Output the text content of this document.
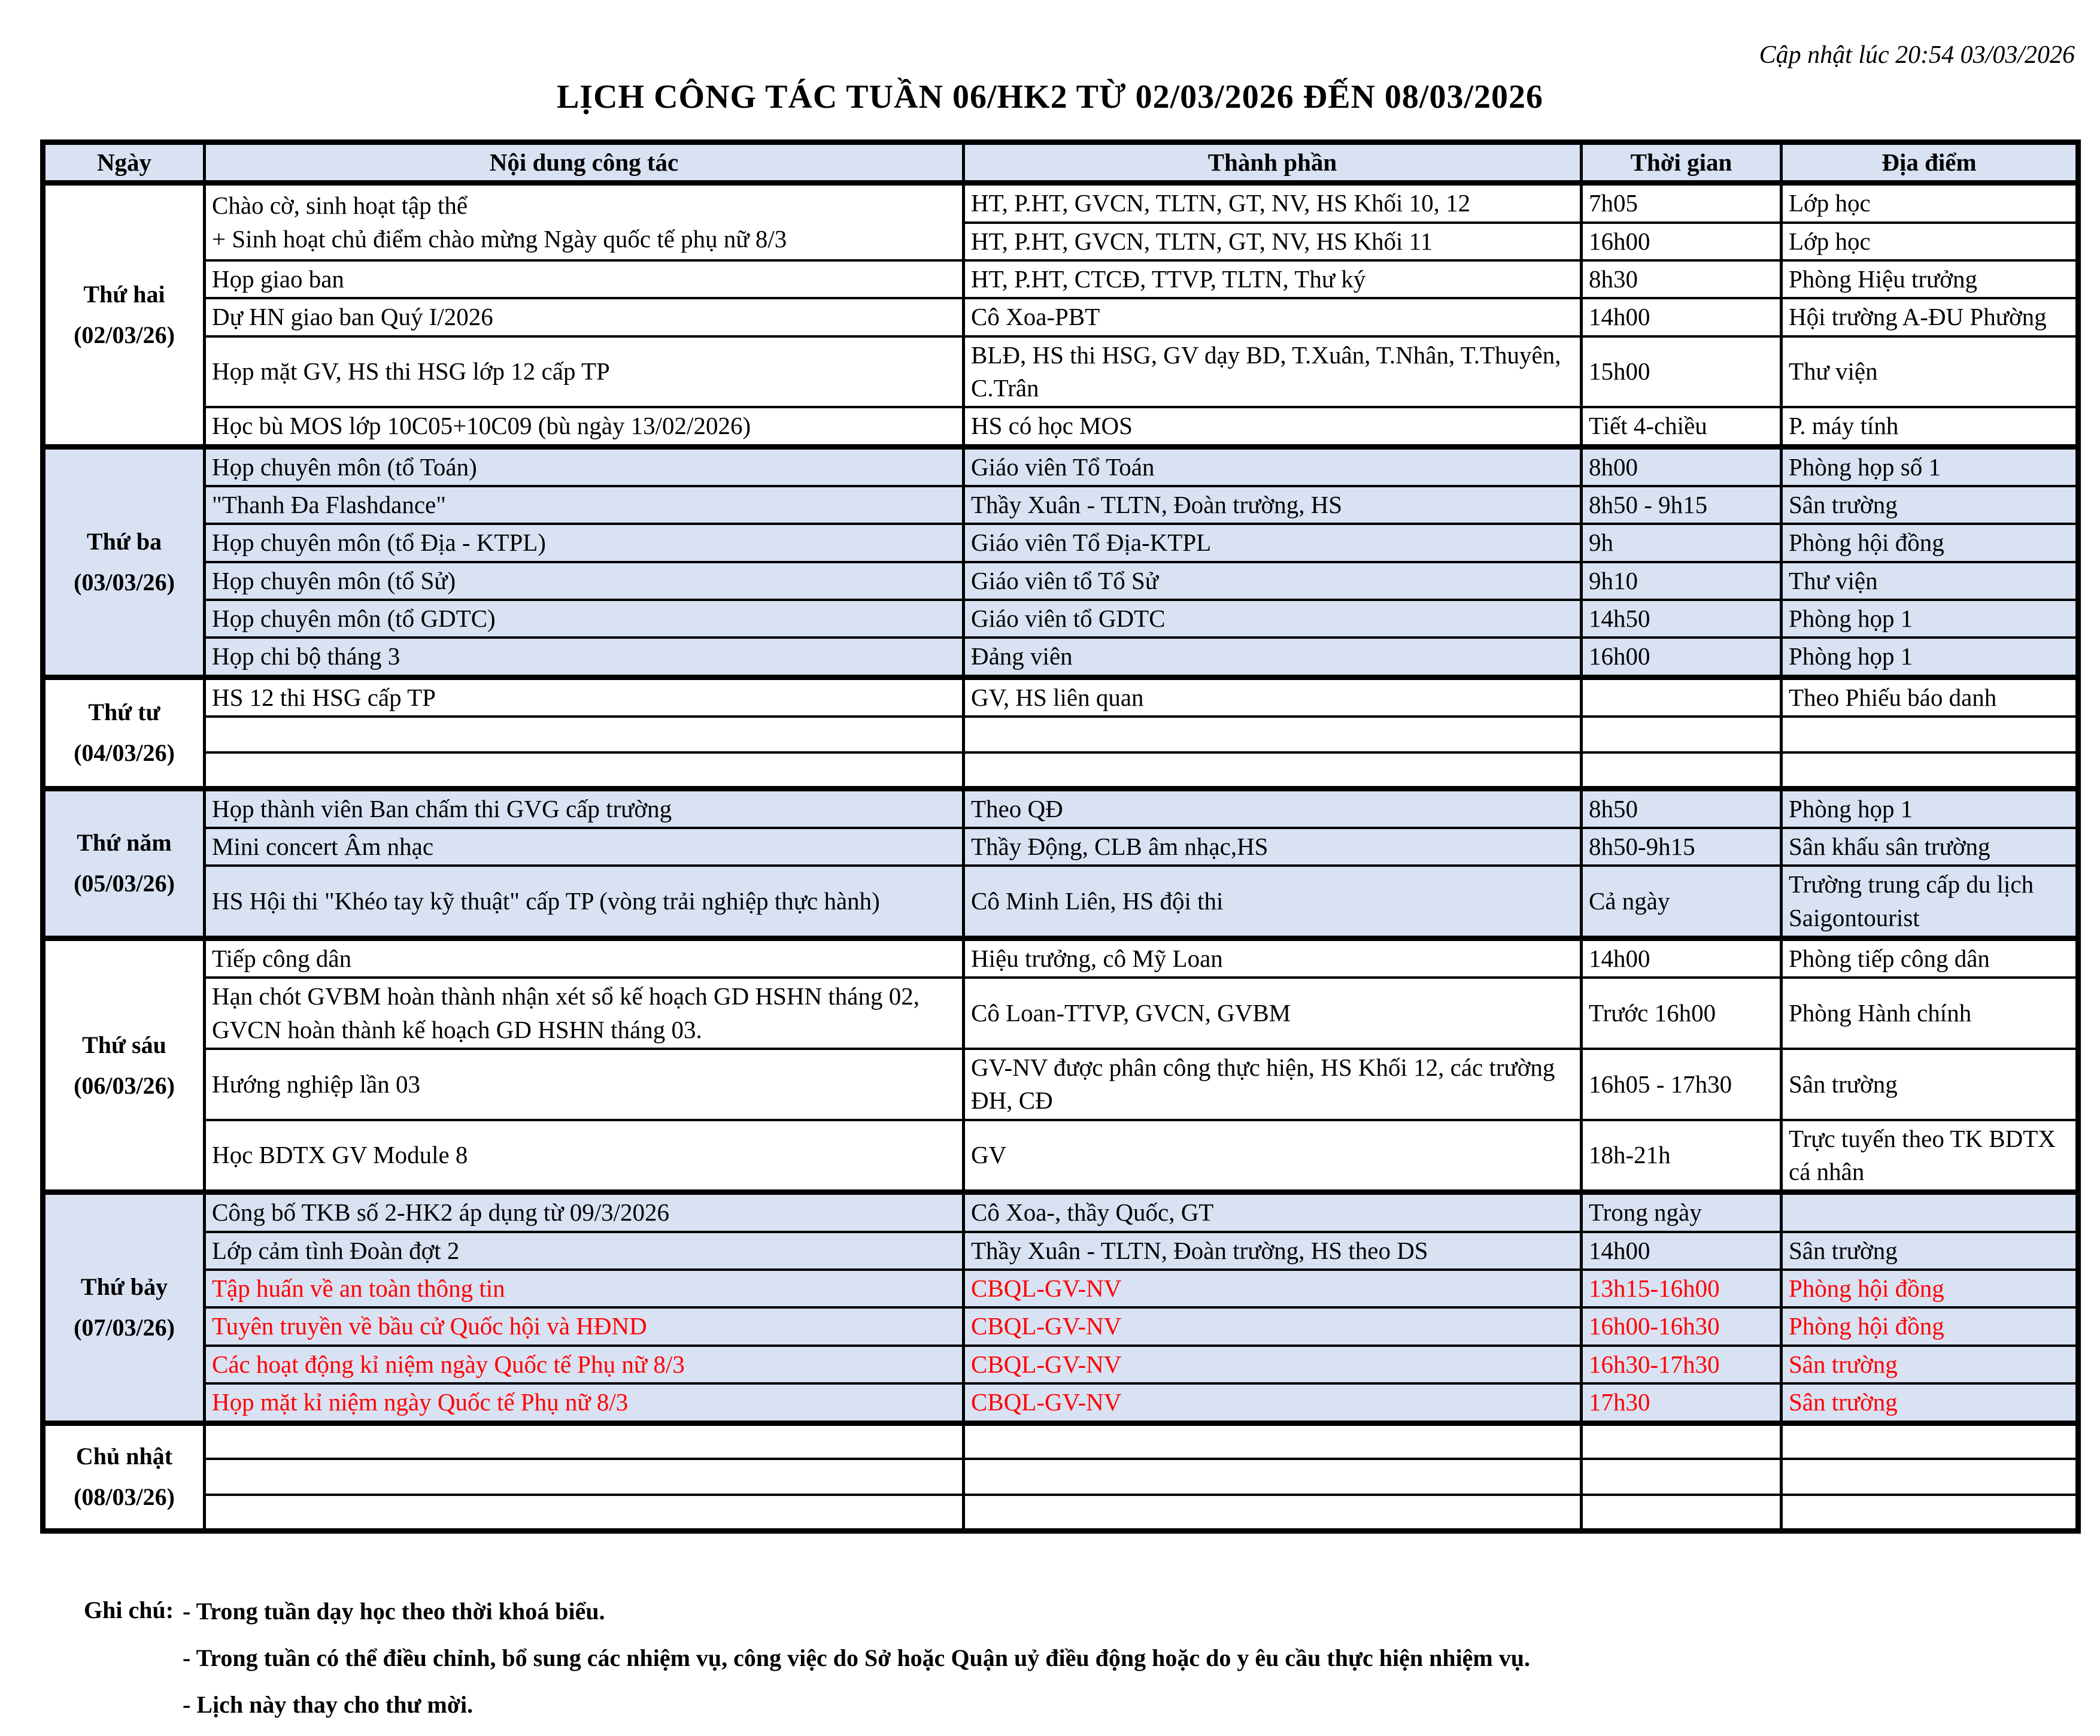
Cập nhật lúc 20:54 03/03/2026
LỊCH CÔNG TÁC TUẦN 06/HK2 TỪ 02/03/2026 ĐẾN 08/03/2026
Ngày	Nội dung công tác	Thành phần	Thời gian	Địa điểm

Thứ hai
(02/03/26)

Chào cờ, sinh hoạt tập thể
+ Sinh hoạt chủ điểm chào mừng Ngày quốc tế phụ nữ 8/3
	HT, P.HT, GVCN, TLTN, GT, NV, HS Khối 10, 12	7h05	Lớp học
		HT, P.HT, GVCN, TLTN, GT, NV, HS Khối 11	16h00	Lớp học

	Họp giao ban	HT, P.HT, CTCĐ, TTVP, TLTN, Thư ký	8h30	Phòng Hiệu trưởng

	Dự HN giao ban Quý I/2026	Cô Xoa-PBT	14h00	Hội trường A-ĐU Phường

	Họp mặt GV, HS thi HSG lớp 12 cấp TP	BLĐ, HS thi HSG, GV dạy BD, T.Xuân, T.Nhân, T.Thuyên, C.Trân	15h00	Thư viện

	Học bù MOS lớp 10C05+10C09 (bù ngày 13/02/2026)	HS có học MOS	Tiết 4-chiều	P. máy tính

Thứ ba
(03/03/26)	Họp chuyên môn (tổ Toán)	Giáo viên Tổ Toán	8h00	Phòng họp số 1

	"Thanh Đa Flashdance"	Thầy Xuân - TLTN, Đoàn trường, HS	8h50 - 9h15	Sân trường

	Họp chuyên môn (tổ Địa - KTPL)	Giáo viên Tổ Địa-KTPL	9h	Phòng hội đồng

	Họp chuyên môn (tổ Sử)	Giáo viên tổ Tổ Sử	9h10	Thư viện

	Họp chuyên môn (tổ GDTC)	Giáo viên tổ GDTC	14h50	Phòng họp 1

	Họp chi bộ tháng 3	Đảng viên	16h00	Phòng họp 1

Thứ tư
(04/03/26)	HS 12 thi HSG cấp TP	GV, HS liên quan		Theo Phiếu báo danh

Thứ năm
(05/03/26)	Họp thành viên Ban chấm thi GVG cấp trường	Theo QĐ	8h50	Phòng họp 1

	Mini concert Âm nhạc	Thầy Động, CLB âm nhạc,HS	8h50-9h15	Sân khấu sân trường

	HS Hội thi "Khéo tay kỹ thuật" cấp TP (vòng trải nghiệp thực hành)	Cô Minh Liên, HS đội thi	Cả ngày	Trường trung cấp du lịch Saigontourist

Thứ sáu
(06/03/26)	Tiếp công dân	Hiệu trưởng, cô Mỹ Loan	14h00	Phòng tiếp công dân

	Hạn chót GVBM hoàn thành nhận xét sổ kế hoạch GD HSHN tháng 02, GVCN hoàn thành kế hoạch GD HSHN tháng 03.	Cô Loan-TTVP, GVCN, GVBM	Trước 16h00	Phòng Hành chính

	Hướng nghiệp lần 03	GV-NV được phân công thực hiện, HS Khối 12, các trường ĐH, CĐ	16h05 - 17h30	Sân trường

	Học BDTX GV Module 8	GV	18h-21h	Trực tuyến theo TK BDTX cá nhân

Thứ bảy
(07/03/26)	Công bố TKB số 2-HK2 áp dụng từ 09/3/2026	Cô Xoa-, thầy Quốc, GT	Trong ngày	

	Lớp cảm tình Đoàn đợt 2	Thầy Xuân - TLTN, Đoàn trường, HS theo DS	14h00	Sân trường

	Tập huấn về an toàn thông tin	CBQL-GV-NV	13h15-16h00	Phòng hội đồng

	Tuyên truyền về bầu cử Quốc hội và HĐND	CBQL-GV-NV	16h00-16h30	Phòng hội đồng

	Các hoạt động kỉ niệm ngày Quốc tế Phụ nữ 8/3	CBQL-GV-NV	16h30-17h30	Sân trường

	Họp mặt kỉ niệm ngày Quốc tế Phụ nữ 8/3	CBQL-GV-NV	17h30	Sân trường

Chủ nhật
(08/03/26)				

Ghi chú: - Trong tuần dạy học theo thời khoá biểu.
- Trong tuần có thể điều chỉnh, bổ sung các nhiệm vụ, công việc do Sở hoặc Quận uỷ điều động hoặc do y êu cầu thực hiện nhiệm vụ.
- Lịch này thay cho thư mời.
